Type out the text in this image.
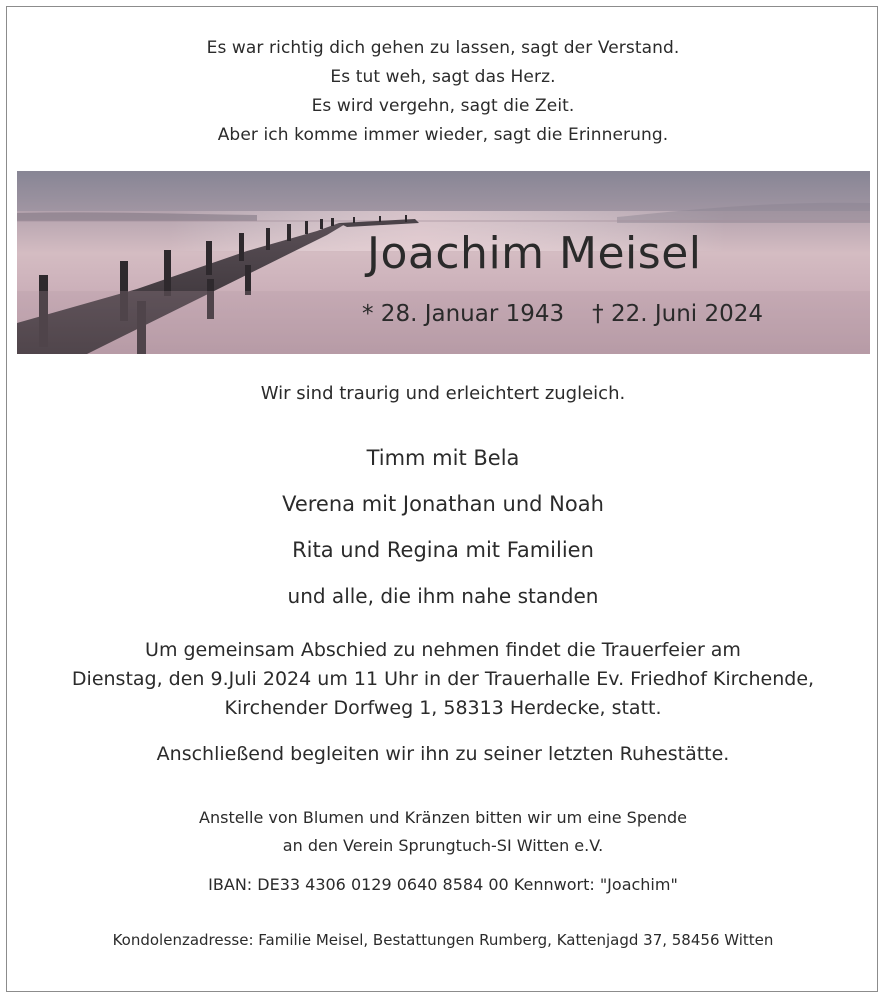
Es war richtig dich gehen zu lassen, sagt der Verstand.
Es tut weh, sagt das Herz.
Es wird vergehn, sagt die Zeit.
Aber ich komme immer wieder, sagt die Erinnerung.
Joachim Meisel
* 28. Januar 1943 † 22. Juni 2024
Wir sind traurig und erleichtert zugleich.
Timm mit Bela
Verena mit Jonathan und Noah
Rita und Regina mit Familien
und alle, die ihm nahe standen
Um gemeinsam Abschied zu nehmen findet die Trauerfeier am
Dienstag, den 9.Juli 2024 um 11 Uhr in der Trauerhalle Ev. Friedhof Kirchende,
Kirchender Dorfweg 1, 58313 Herdecke, statt.
Anschließend begleiten wir ihn zu seiner letzten Ruhestätte.
Anstelle von Blumen und Kränzen bitten wir um eine Spende
an den Verein Sprungtuch-SI Witten e.V.
IBAN: DE33 4306 0129 0640 8584 00 Kennwort: "Joachim"
Kondolenzadresse: Familie Meisel, Bestattungen Rumberg, Kattenjagd 37, 58456 Witten
